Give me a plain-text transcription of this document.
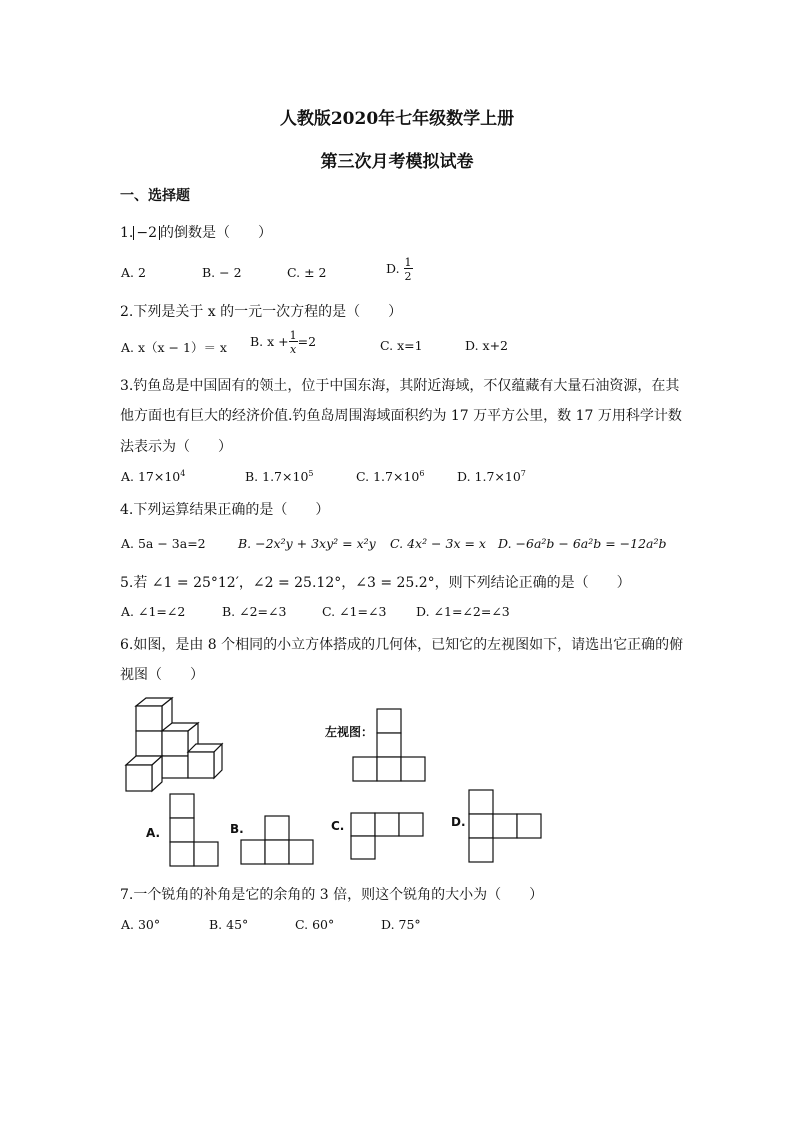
人教版2020年七年级数学上册
第三次月考模拟试卷
一、选择题
1. −2 的倒数是（　　）
A. 2	B. − 2	C. ± 2	D. $\frac{1}{2}$
2.下列是关于 x 的一元一次方程的是（　　）
A. x（x − 1）＝ x B. $x + \frac{1}{x} =2$	C. x=1	D. x+2
3.钓鱼岛是中国固有的领土，位于中国东海，其附近海域，不仅蕴藏有大量石油资源，在其
他方面也有巨大的经济价值.钓鱼岛周围海域面积约为 17 万平方公里，数 17 万用科学计数
法表示为（　　）
A. $17\times 10^4$	B. $1.7\times 10^5$	C. $1.7\times 10^6$	D. $1.7\times 10^7$
4.下列运算结果正确的是（　　）
A. 5a − 3a=2	B. −2x²y + 3xy² = x²y C. 4x² − 3x = x D. −6a²b − 6a²b = −12a²b
5.若 ∠1 = 25°12′，∠2 = 25.12°，∠3 = 25.2°，则下列结论正确的是（　　）
A. ∠1=∠2	B. ∠2=∠3	C. ∠1=∠3 D. ∠1=∠2=∠3
6.如图，是由 8 个相同的小立方体搭成的几何体，已知它的左视图如下，请选出它正确的俯
视图（　　）
左视图：
A.	B.	C.	D.
7.一个锐角的补角是它的余角的 3 倍，则这个锐角的大小为（　　）
A. 30°	B. 45°	C. 60°	D. 75°
